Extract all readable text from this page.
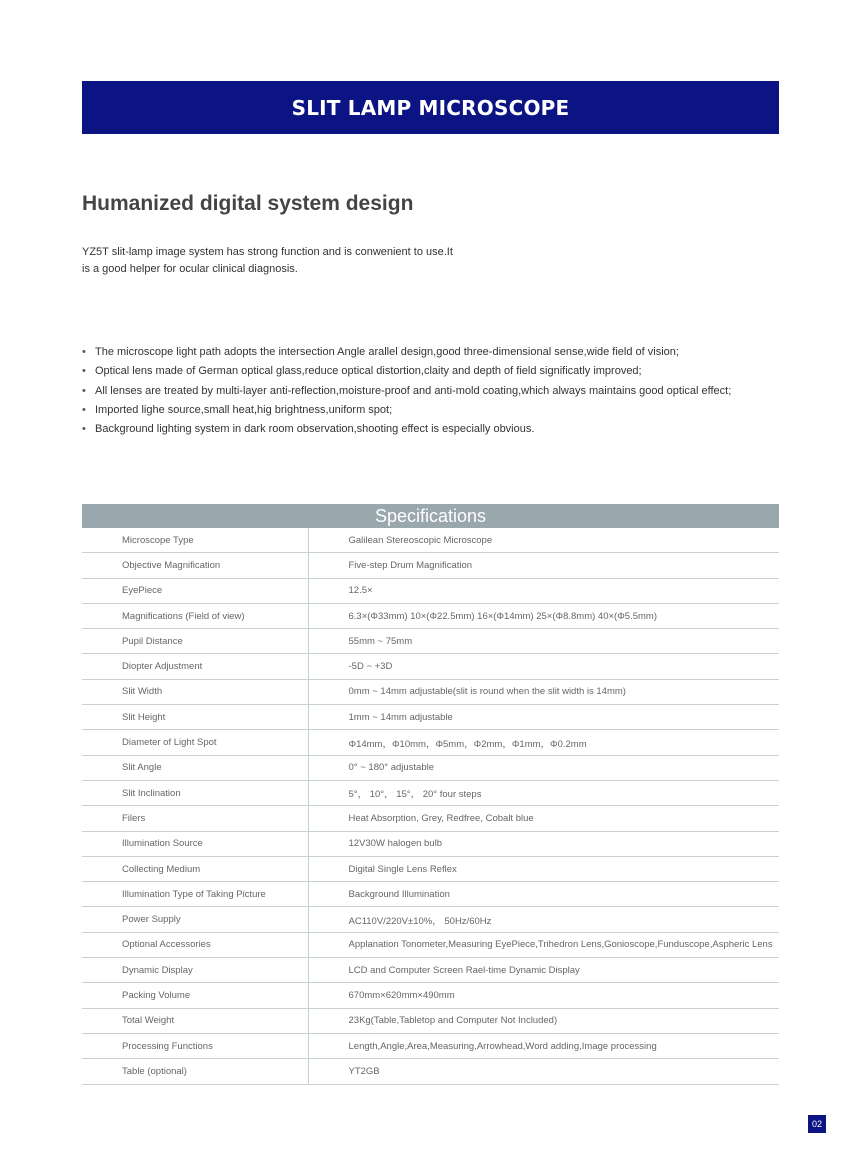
SLIT LAMP MICROSCOPE
Humanized digital system design

YZ5T slit-lamp image system has strong function and is conwenient to use.It is a good helper for ocular clinical diagnosis.

• The microscope light path adopts the intersection Angle arallel design,good three-dimensional sense,wide field of vision;
• Optical lens made of German optical glass,reduce optical distortion,claity and depth of field significatly improved;
• All lenses are treated by multi-layer anti-reflection,moisture-proof and anti-mold coating,which always maintains good optical effect;
• Imported lighe source,small heat,hig brightness,uniform spot;
• Background lighting system in dark room observation,shooting effect is especially obvious.
Specifications
Microscope Type	Galilean Stereoscopic Microscope
Objective Magnification	Five-step Drum Magnification
EyePiece	12.5×
Magnifications (Field of view)	6.3×(Φ33mm) 10×(Φ22.5mm) 16×(Φ14mm) 25×(Φ8.8mm) 40×(Φ5.5mm)
Pupil Distance	55mm ~ 75mm
Diopter Adjustment	-5D ~ +3D
Slit Width	0mm ~ 14mm adjustable(slit is round when the slit width is 14mm)
Slit Height	1mm ~ 14mm adjustable
Diameter of Light Spot	Φ14mm，Φ10mm，Φ5mm，Φ2mm，Φ1mm，Φ0.2mm
Slit Angle	0° ~ 180° adjustable
Slit Inclination	5°， 10°， 15°， 20° four steps
Filers	Heat Absorption, Grey, Redfree, Cobalt blue
Illumination Source	12V30W halogen bulb
Collecting Medium	Digital Single Lens Reflex
Illumination Type of Taking Picture	Background Illumination
Power Supply	AC110V/220V±10%， 50Hz/60Hz
Optional Accessories	Applanation Tonometer,Measuring EyePiece,Trihedron Lens,Gonioscope,Funduscope,Aspheric Lens
Dynamic Display	LCD and Computer Screen Rael-time Dynamic Display
Packing Volume	670mm×620mm×490mm
Total Weight	23Kg(Table,Tabletop and Computer Not Included)
Processing Functions	Length,Angle,Area,Measuring,Arrowhead,Word adding,Image processing
Table (optional)	YT2GB
02
